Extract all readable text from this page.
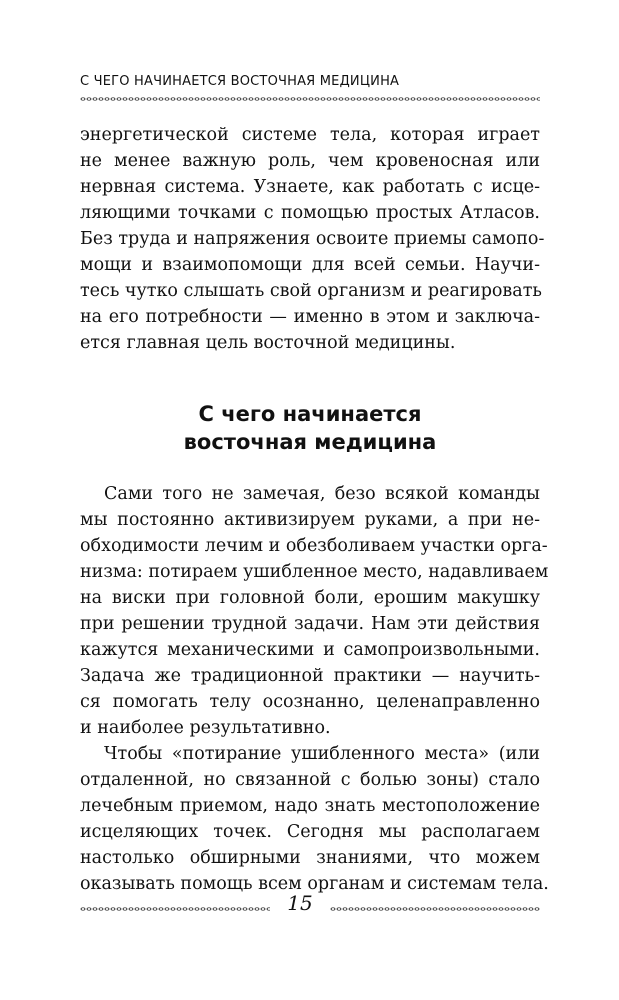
С ЧЕГО НАЧИНАЕТСЯ ВОСТОЧНАЯ МЕДИЦИНА
энергетической системе тела, которая играет
не менее важную роль, чем кровеносная или
нервная система. Узнаете, как работать с исце-
ляющими точками с помощью простых Атласов.
Без труда и напряжения освоите приемы самопо-
мощи и взаимопомощи для всей семьи. Научи-
тесь чутко слышать свой организм и реагировать
на его потребности — именно в этом и заключа-
ется главная цель восточной медицины.
С чего начинается
восточная медицина
Сами того не замечая, безо всякой команды
мы постоянно активизируем руками, а при не-
обходимости лечим и обезболиваем участки орга-
низма: потираем ушибленное место, надавливаем
на виски при головной боли, ерошим макушку
при решении трудной задачи. Нам эти действия
кажутся механическими и самопроизвольными.
Задача же традиционной практики — научить-
ся помогать телу осознанно, целенаправленно
и наиболее результативно.
Чтобы «потирание ушибленного места» (или
отдаленной, но связанной с болью зоны) стало
лечебным приемом, надо знать местоположение
исцеляющих точек. Сегодня мы располагаем
настолько обширными знаниями, что можем
оказывать помощь всем органам и системам тела.
15
